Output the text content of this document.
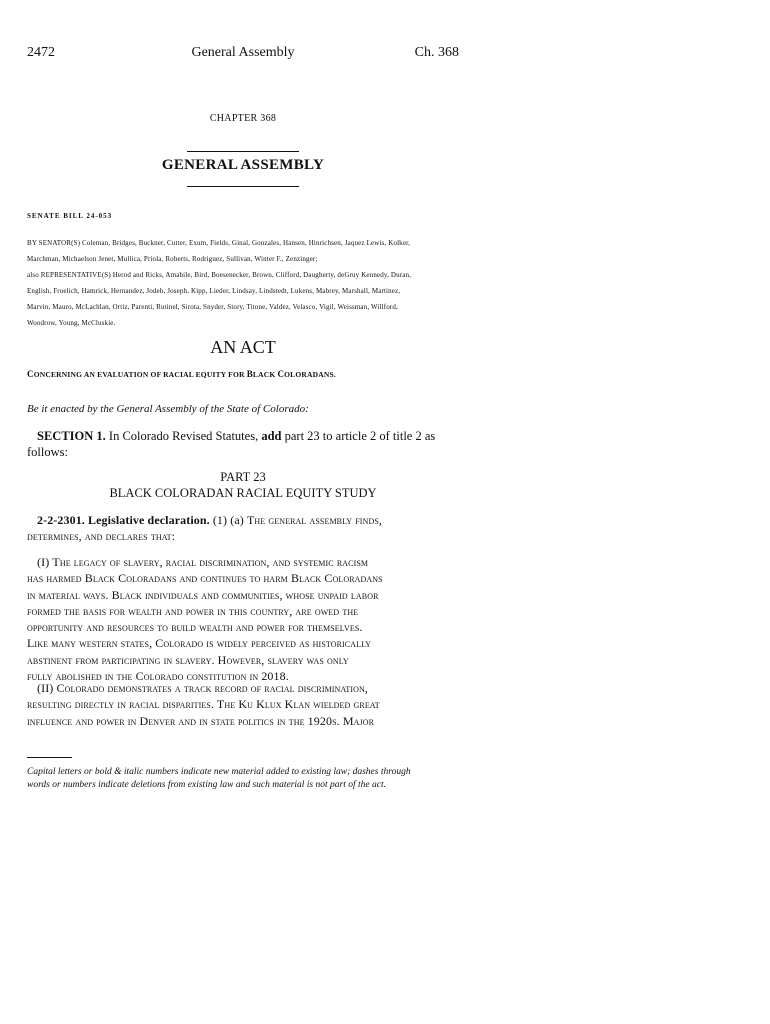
2472	General Assembly	Ch. 368
CHAPTER 368
GENERAL ASSEMBLY
SENATE BILL 24-053
BY SENATOR(S) Coleman, Bridges, Buckner, Cutter, Exum, Fields, Ginal, Gonzales, Hansen, Hinrichsen, Jaquez Lewis, Kolker,
Marchman, Michaelson Jenet, Mullica, Priola, Roberts, Rodriguez, Sullivan, Winter F., Zenzinger;
also REPRESENTATIVE(S) Herod and Ricks, Amabile, Bird, Boesenecker, Brown, Clifford, Daugherty, deGruy Kennedy, Duran,
English, Froelich, Hamrick, Hernandez, Jodeh, Joseph, Kipp, Lieder, Lindsay, Lindstedt, Lukens, Mabrey, Marshall, Martinez,
Marvin, Mauro, McLachlan, Ortiz, Parenti, Rutinel, Sirota, Snyder, Story, Titone, Valdez, Velasco, Vigil, Weissman, Willford,
Woodrow, Young, McCluskie.
AN ACT
CONCERNING AN EVALUATION OF RACIAL EQUITY FOR BLACK COLORADANS.
Be it enacted by the General Assembly of the State of Colorado:
SECTION 1. In Colorado Revised Statutes, add part 23 to article 2 of title 2 as
follows:
PART 23
BLACK COLORADAN RACIAL EQUITY STUDY
2-2-2301. Legislative declaration. (1) (a) The general assembly finds,
determines, and declares that:
(I) The legacy of slavery, racial discrimination, and systemic racism
has harmed Black Coloradans and continues to harm Black Coloradans
in material ways. Black individuals and communities, whose unpaid labor
formed the basis for wealth and power in this country, are owed the
opportunity and resources to build wealth and power for themselves.
Like many western states, Colorado is widely perceived as historically
abstinent from participating in slavery. However, slavery was only
fully abolished in the Colorado constitution in 2018.
(II) Colorado demonstrates a track record of racial discrimination,
resulting directly in racial disparities. The Ku Klux Klan wielded great
influence and power in Denver and in state politics in the 1920s. Major
Capital letters or bold & italic numbers indicate new material added to existing law; dashes through
words or numbers indicate deletions from existing law and such material is not part of the act.
